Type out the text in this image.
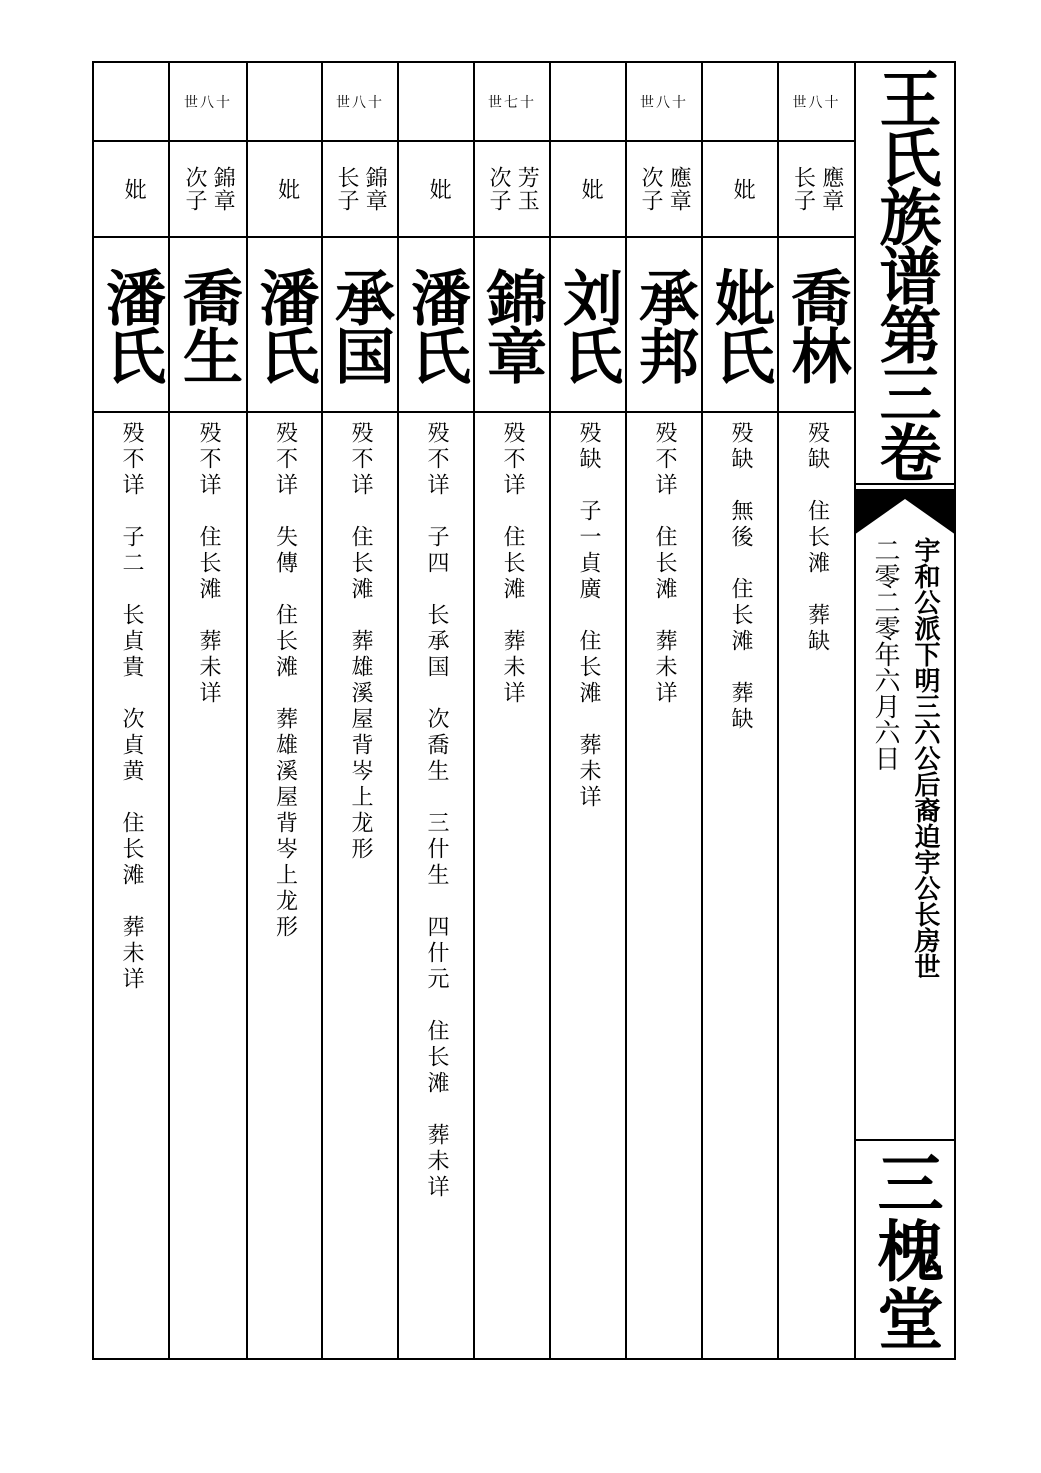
世八十
應章
长子
喬林
殁缺　住长滩　葬缺
妣
妣氏
殁缺　無後　住长滩　葬缺
世八十
應章
次子
承邦
殁不详　住长滩　葬未详
妣
刘氏
殁缺　子一貞廣　住长滩　葬未详
世七十
芳玉
次子
錦章
殁不详　住长滩　葬未详
妣
潘氏
殁不详　子四　长承国　次喬生　三什生　四什元　住长滩　葬未详
世八十
錦章
长子
承国
殁不详　住长滩　葬雄溪屋背岑上龙形
妣
潘氏
殁不详　失傳　住长滩　葬雄溪屋背岑上龙形
世八十
錦章
次子
喬生
殁不详　住长滩　葬未详
妣
潘氏
殁不详　子二　长貞貴　次貞黄　住长滩　葬未详
王氏族谱第三卷
宇和公派下明三六公后裔迫宇公长房世
二零二零年六月六日
三槐堂
